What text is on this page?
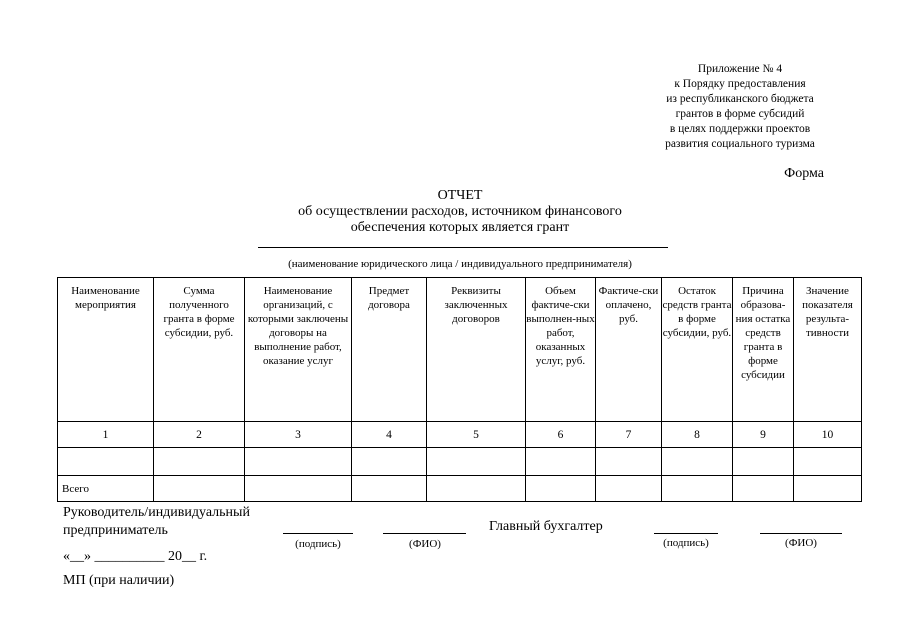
Приложение № 4
к Порядку предоставления
из республиканского бюджета
грантов в форме субсидий
в целях поддержки проектов
развития социального туризма
Форма
ОТЧЕТ
об осуществлении расходов, источником финансового
обеспечения которых является грант
(наименование юридического лица / индивидуального предпринимателя)
Наименование мероприятия	Сумма полученного гранта в форме субсидии, руб.	Наименование организаций, с которыми заключены договоры на выполнение работ, оказание услуг	Предмет договора	Реквизиты заключенных договоров	Объем фактиче-ски выполнен-ных работ, оказанных услуг, руб.	Фактиче-ски оплачено, руб.	Остаток средств гранта в форме субсидии, руб.	Причина образова-ния остатка средств гранта в форме субсидии	Значение показателя результа-тивности
1	2	3	4	5	6	7	8	9	10

Всего									
Руководитель/индивидуальный
предприниматель
(подпись)	(ФИО)
Главный бухгалтер
(подпись)	(ФИО)
«__» __________ 20__ г.
МП (при наличии)
